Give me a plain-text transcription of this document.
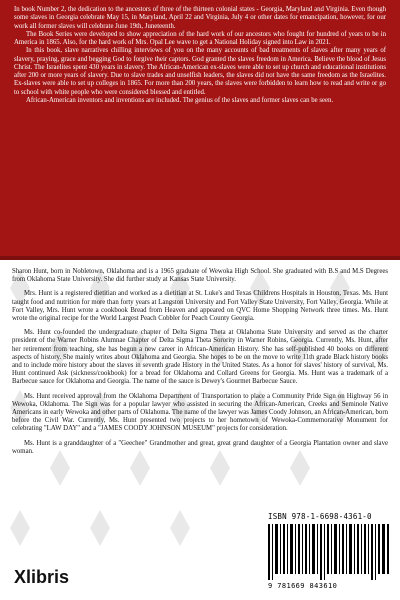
In book Number 2, the dedication to the ancestors of three of the thirteen colonial states - Georgia, Maryland and Virginia. Even though some slaves in Georgia celebrate May 15, in Maryland, April 22 and Virginia, July 4 or other dates for emancipation, however, for our work all former slaves will celebrate June 19th, Juneteenth.

The Book Series were developed to show appreciation of the hard work of our ancestors who fought for hundred of years to be in America in 1865. Also, for the hard work of Mrs. Opal Lee wave to get a National Holiday signed into Law in 2021.

In this book, slave narratives chilling interviews of you on the many accounts of bad treatments of slaves after many years of slavery, praying, grace and begging God to forgive their captors. God granted the slaves freedom in America. Believe the blood of Jesus Christ. The Israelites spent 430 years in slavery. The African-American ex-slaves were able to set up church and educational institutions after 200 or more years of slavery. Due to slave trades and unselfish leaders, the slaves did not have the same freedom as the Israelites. Ex-slaves were able to set up colleges in 1865. For more than 200 years, the slaves were forbidden to learn how to read and write or go to school with white people who were considered blessed and entitled.

African-American inventors and inventions are included. The genius of the slaves and former slaves can be seen.

Sharon Hunt, born in Nobletown, Oklahoma and is a 1965 graduate of Wewoka High School. She graduated with B.S and M.S Degrees from Oklahoma State University. She did further study at Kansas State University.

Mrs. Hunt is a registered dietitian and worked as a dietitian at St. Luke's and Texas Childrens Hospitals in Houston, Texas. Ms. Hunt taught food and nutrition for more than forty years at Langston University and Fort Valley State University, Fort Valley, Georgia. While at Fort Valley, Mrs. Hunt wrote a cookbook Bread from Heaven and appeared on QVC Home Shopping Network three times. Ms. Hunt wrote the original recipe for the World Largest Peach Cobbler for Peach County Georgia.

Ms. Hunt co-founded the undergraduate chapter of Delta Sigma Theta at Oklahoma State University and served as the charter president of the Warner Robins Alumnae Chapter of Delta Sigma Theta Sorority in Warner Robins, Georgia. Currently, Ms. Hunt, after her retirement from teaching, she has begun a new career in African-American History. She has self-published 40 books on different aspects of history. She mainly writes about Oklahoma and Georgia. She hopes to be on the move to write 11th grade Black history books and to include more history about the slaves in seventh grade History in the United States. As a honor for slaves' history of survival, Ms. Hunt continued Ask (sickness/cookbook) for a bread for Oklahoma and Collard Greens for Georgia. Ms. Hunt was a trademark of a Barbecue sauce for Oklahoma and Georgia. The name of the sauce is Dewey's Gourmet Barbecue Sauce.

Ms. Hunt received approval from the Oklahoma Department of Transportation to place a Community Pride Sign on Highway 56 in Wewoka, Oklahoma. The Sign was for a popular lawyer who assisted in securing the African-American, Creeks and Seminole Native Americans in early Wewoka and other parts of Oklahoma. The name of the lawyer was James Coody Johnson, an African-American, born before the Civil War. Currently, Ms. Hunt presented two projects to her hometown of Wewoka-Commemorative Monument for celebrating "LAW DAY" and a "JAMES COODY JOHNSON MUSEUM" projects for consideration.

Ms. Hunt is a granddaughter of a "Geechee" Grandmother and great, great grand daughter of a Georgia Plantation owner and slave woman.

Xlibris
ISBN 978-1-6698-4361-0
9 781669 843610
